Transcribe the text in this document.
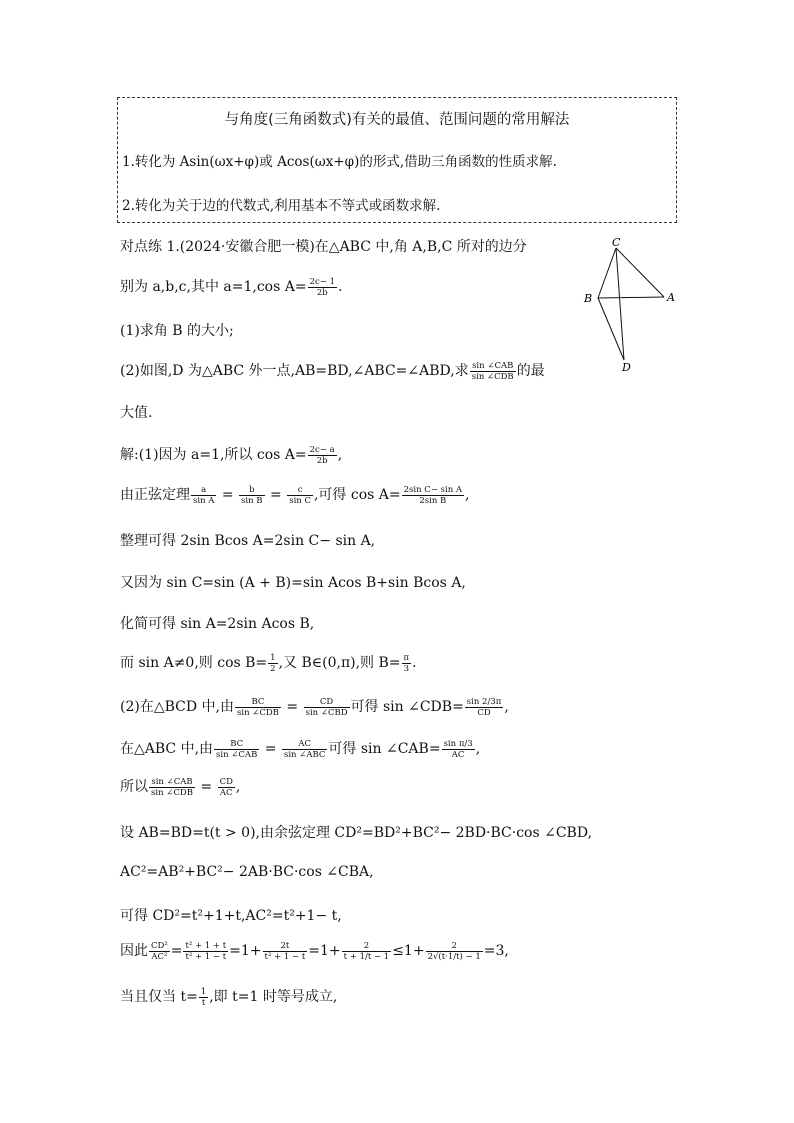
与角度(三角函数式)有关的最值、范围问题的常用解法
1.转化为 Asin(ωx+φ)或 Acos(ωx+φ)的形式,借助三角函数的性质求解.
2.转化为关于边的代数式,利用基本不等式或函数求解.
对点练 1.(2024·安徽合肥一模)在△ABC 中,角 A,B,C 所对的边分
别为 a,b,c,其中 a=1,cos $A= \frac{2c- 1}{2b}$ .
(1)求角 B 的大小;
(2)如图,D 为△ABC 外一点,AB=BD,∠ABC=∠ABD,求 $\frac{\text{sin ∠CAB}}{\text{sin ∠CDB}}$ 的最
大值.
C
B	A
D
解:(1)因为 a=1,所以 $\cos A= \frac{2c- a}{2b}$ ,
由正弦定理 $\frac{a}{\text{sin A}} = \frac{b}{\text{sin B}} = \frac{c}{\text{sin C}}$ ,可得 $\cos A= \frac{\text{2sin C− sin A}}{\text{2sin B}}$ ,
整理可得 2sin Bcos A=2sin C− sin A,
又因为 sin C=sin (A + B)=sin Acos B+sin Bcos A,
化简可得 sin A=2sin Acos B,
而 sin A≠0,则 $\cos B= \frac{1}{2}$ ,又 B∈(0,π),则 $B= \frac{\pi}{3}$ .
(2)在△BCD 中,由 $\frac{BC}{\text{sin ∠CDB}} = \frac{CD}{\text{sin ∠CBD}}$ 可得 sin ∠CDB= $\frac{\sin 2/3\pi}{CD}$ ,
在△ABC 中,由 $\frac{BC}{\text{sin ∠CAB}} = \frac{AC}{\text{sin ∠ABC}}$ 可得 sin ∠CAB= $\frac{\text{sin π/3}}{AC}$ ,
所以 $\frac{\text{sin ∠CAB}}{\text{sin ∠CDB}} = \frac{CD}{AC}$ ,
设 AB=BD=t(t > 0),由余弦定理 CD²=BD²+BC²− 2BD·BC·cos ∠CBD,
AC²=AB²+BC²− 2AB·BC·cos ∠CBA,
可得 CD²=t²+1+t,AC²=t²+1− t,
因此 $\frac{\text{CD²}}{\text{AC²}} = \frac{\text{t² + 1 + t}}{\text{t² + 1 − t}} =1+ \frac{2t}{\text{t² + 1 − t}} =1+ \frac{2}{t + 1/t - 1} \le 1+ \frac{2}{2√(t\cdot 1/t) - 1} =3$,
当且仅当 $t= \frac{1}{t}$ ,即 t=1 时等号成立,
